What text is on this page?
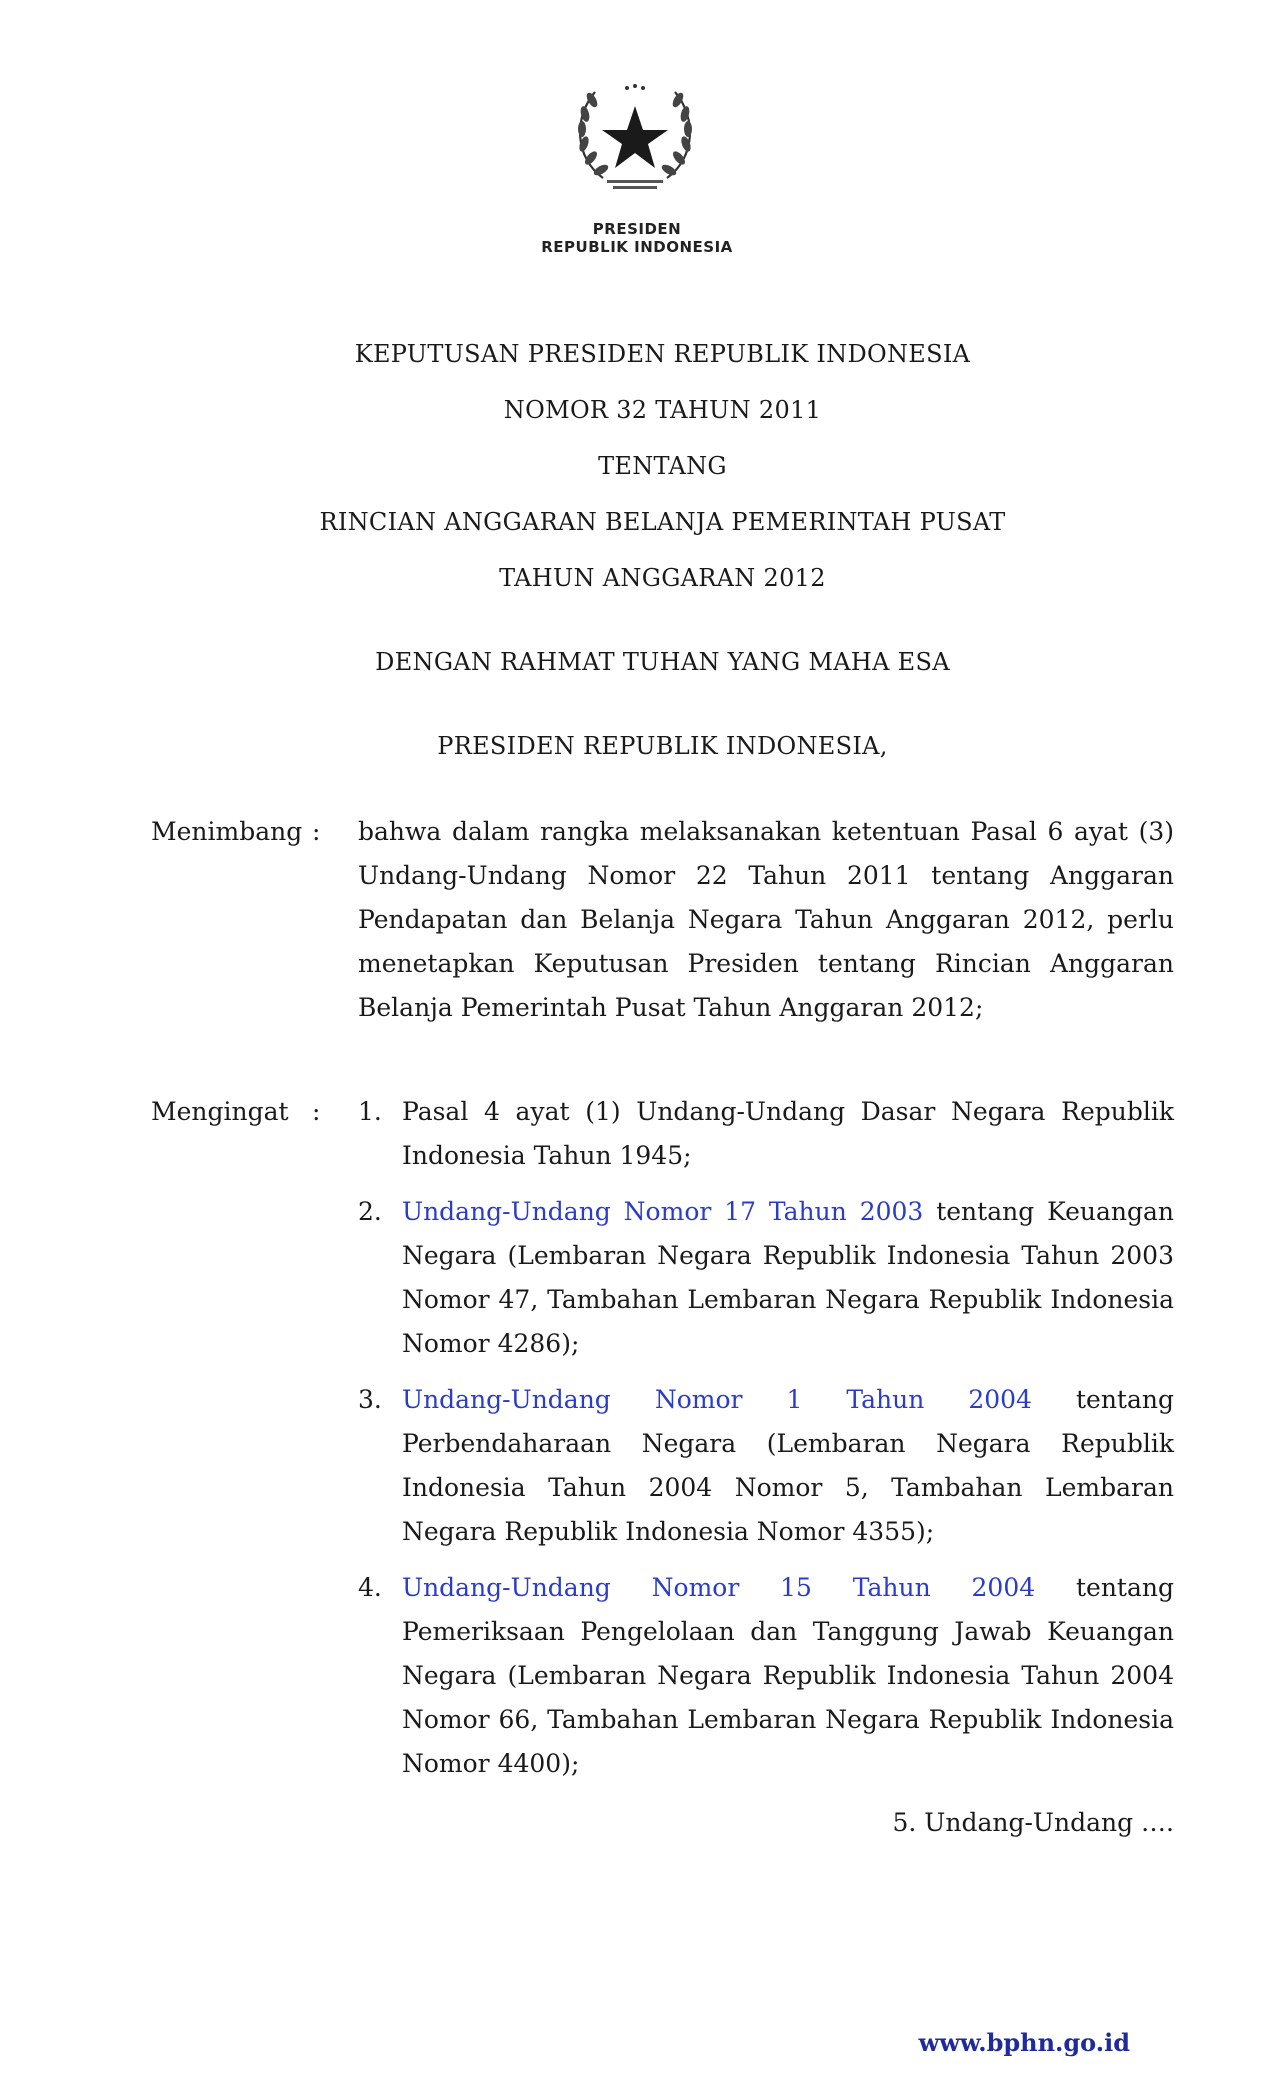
PRESIDEN
REPUBLIK INDONESIA
KEPUTUSAN PRESIDEN REPUBLIK INDONESIA
NOMOR 32 TAHUN 2011
TENTANG
RINCIAN ANGGARAN BELANJA PEMERINTAH PUSAT
TAHUN ANGGARAN 2012
DENGAN RAHMAT TUHAN YANG MAHA ESA
PRESIDEN REPUBLIK INDONESIA,
Menimbang : bahwa dalam rangka melaksanakan ketentuan Pasal 6 ayat (3) Undang-Undang Nomor 22 Tahun 2011 tentang Anggaran Pendapatan dan Belanja Negara Tahun Anggaran 2012, perlu menetapkan Keputusan Presiden tentang Rincian Anggaran Belanja Pemerintah Pusat Tahun Anggaran 2012;
Mengingat : 1. Pasal 4 ayat (1) Undang-Undang Dasar Negara Republik Indonesia Tahun 1945;
2. Undang-Undang Nomor 17 Tahun 2003 tentang Keuangan Negara (Lembaran Negara Republik Indonesia Tahun 2003 Nomor 47, Tambahan Lembaran Negara Republik Indonesia Nomor 4286);
3. Undang-Undang Nomor 1 Tahun 2004 tentang Perbendaharaan Negara (Lembaran Negara Republik Indonesia Tahun 2004 Nomor 5, Tambahan Lembaran Negara Republik Indonesia Nomor 4355);
4. Undang-Undang Nomor 15 Tahun 2004 tentang Pemeriksaan Pengelolaan dan Tanggung Jawab Keuangan Negara (Lembaran Negara Republik Indonesia Tahun 2004 Nomor 66, Tambahan Lembaran Negara Republik Indonesia Nomor 4400);
5. Undang-Undang ….
www.bphn.go.id
